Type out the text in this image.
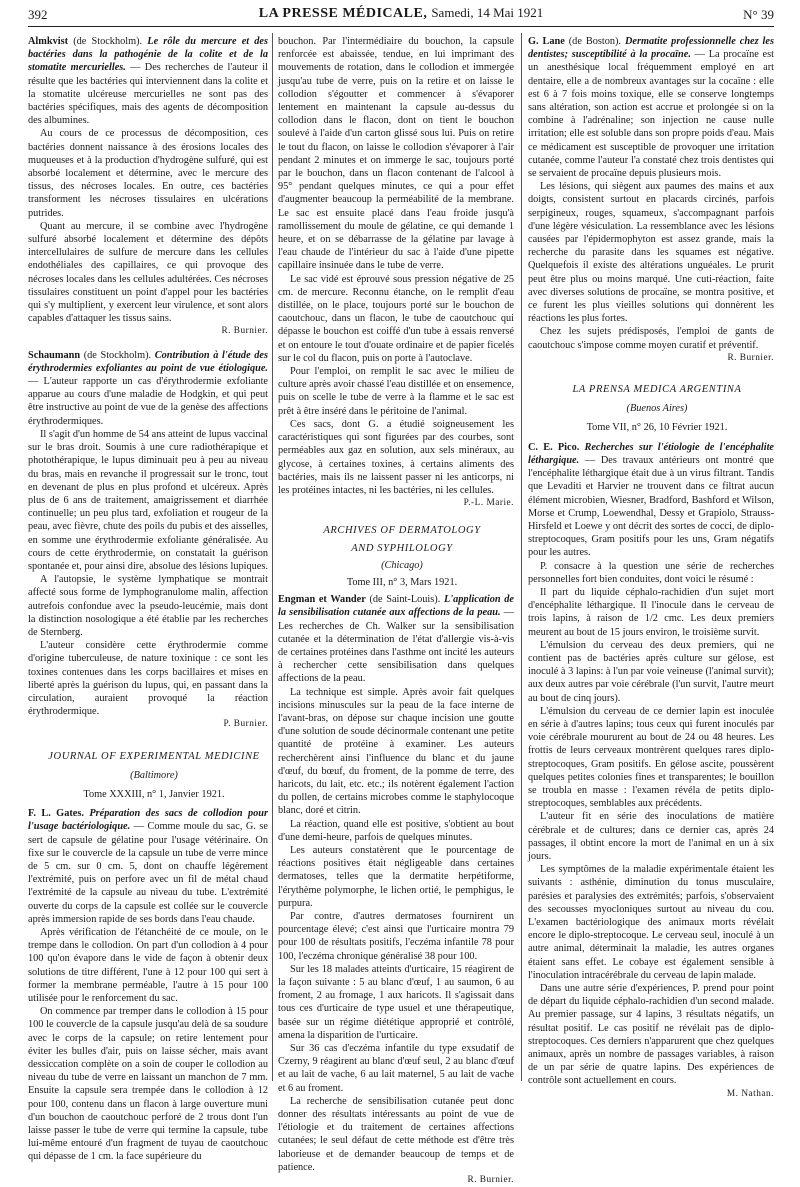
392	LA PRESSE MÉDICALE, Samedi, 14 Mai 1921	N° 39

Almkvist (de Stockholm). Le rôle du mercure et des bactéries dans la pathogénie de la colite et de la stomatite mercurielles. — Des recherches de l'auteur il résulte que les bactéries qui interviennent dans la colite et la stomatite ulcéreuse mercurielles ne sont pas des bactéries spécifiques, mais des agents de décomposition des albumines.

Au cours de ce processus de décomposition, ces bactéries donnent naissance à des érosions locales des muqueuses et à la production d'hydrogène sulfuré, qui est absorbé localement et détermine, avec le mercure des tissus, des nécroses locales. En outre, ces bactéries transforment les nécroses tissulaires en ulcérations putrides.

Quant au mercure, il se combine avec l'hydrogène sulfuré absorbé localement et détermine des dépôts intercellulaires de sulfure de mercure dans les cellules endothéliales des capillaires, ce qui provoque des nécroses locales dans les cellules adultérées. Ces nécroses tissulaires constituent un point d'appel pour les bactéries qui s'y multiplient, y exercent leur virulence, et sont alors capables d'attaquer les tissus sains.

R. Burnier.

Schaumann (de Stockholm). Contribution à l'étude des érythrodermies exfoliantes au point de vue étiologique. — L'auteur rapporte un cas d'érythrodermie exfoliante apparue au cours d'une maladie de Hodgkin, et qui peut être instructive au point de vue de la genèse des affections érythrodermiques.

Il s'agit d'un homme de 54 ans atteint de lupus vaccinal sur le bras droit. Soumis à une cure radiothérapique et photothérapique, le lupus diminuait peu à peu au niveau du bras, mais en revanche il progressait sur le tronc, tout en devenant de plus en plus profond et ulcéreux. Après plus de 6 ans de traitement, amaigrissement et diarrhée continuelle; un peu plus tard, exfoliation et rougeur de la peau, avec fièvre, chute des poils du pubis et des aisselles, en somme une érythrodermie exfoliante généralisée. Au cours de cette érythrodermie, on constatait la guérison spontanée et, pour ainsi dire, absolue des lésions lupiques.

A l'autopsie, le système lymphatique se montrait affecté sous forme de lymphogranulome malin, affection autrefois confondue avec la pseudo-leucémie, mais dont la distinction nosologique a été établie par les recherches de Sternberg.

L'auteur considère cette érythrodermie comme d'origine tuberculeuse, de nature toxinique : ce sont les toxines contenues dans les corps bacillaires et mises en liberté après la guérison du lupus, qui, en passant dans la circulation, auraient provoqué la réaction érythrodermique.

P. Burnier.

JOURNAL OF EXPERIMENTAL MEDICINE

(Baltimore)

Tome XXXIII, n° 1, Janvier 1921.

F. L. Gates. Préparation des sacs de collodion pour l'usage bactériologique. — Comme moule du sac, G. se sert de capsule de gélatine pour l'usage vétérinaire. On fixe sur le couvercle de la capsule un tube de verre mince de 5 cm. sur 0 cm. 5, dont on chauffe légèrement l'extrémité, puis on perfore avec un fil de métal chaud l'extrémité de la capsule au niveau du tube. L'extrémité ouverte du corps de la capsule est collée sur le couvercle après immersion rapide de ses bords dans l'eau chaude.

Après vérification de l'étanchéité de ce moule, on le trempe dans le collodion. On part d'un collodion à 4 pour 100 qu'on évapore dans le vide de façon à obtenir deux solutions de titre différent, l'une à 12 pour 100 qui sert à former la membrane perméable, l'autre à 15 pour 100 utilisée pour le renforcement du sac.

On commence par tremper dans le collodion à 15 pour 100 le couvercle de la capsule jusqu'au delà de sa soudure avec le corps de la capsule; on retire lentement pour éviter les bulles d'air, puis on laisse sécher, mais avant dessiccation complète on a soin de couper le collodion au niveau du tube de verre en laissant un manchon de 7 mm. Ensuite la capsule sera trempée dans le collodion à 12 pour 100, contenu dans un flacon à large ouverture muni d'un bouchon de caoutchouc perforé de 2 trous dont l'un laisse passer le tube de verre qui termine la capsule, tube lui-même entouré d'un fragment de tuyau de caoutchouc qui dépasse de 1 cm. la face supérieure du

bouchon. Par l'intermédiaire du bouchon, la capsule renforcée est abaissée, tendue, en lui imprimant des mouvements de rotation, dans le collodion et immergée jusqu'au tube de verre, puis on la retire et on laisse le collodion s'égoutter et commencer à s'évaporer lentement en maintenant la capsule au-dessus du collodion dans le flacon, dont on tient le bouchon soulevé à l'aide d'un carton glissé sous lui. Puis on retire le tout du flacon, on laisse le collodion s'évaporer à l'air pendant 2 minutes et on immerge le sac, toujours porté par le bouchon, dans un flacon contenant de l'alcool à 95° pendant quelques minutes, ce qui a pour effet d'augmenter beaucoup la perméabilité de la membrane. Le sac est ensuite placé dans l'eau froide jusqu'à ramollissement du moule de gélatine, ce qui demande 1 heure, et on se débarrasse de la gélatine par lavage à l'eau chaude de l'intérieur du sac à l'aide d'une pipette capillaire insinuée dans le tube de verre.

Le sac vidé est éprouvé sous pression négative de 25 cm. de mercure. Reconnu étanche, on le remplit d'eau distillée, on le place, toujours porté sur le bouchon de caoutchouc, dans un flacon, le tube de caoutchouc qui dépasse le bouchon est coiffé d'un tube à essais renversé et on entoure le tout d'ouate ordinaire et de papier ficelés sur le col du flacon, puis on porte à l'autoclave.

Pour l'emploi, on remplit le sac avec le milieu de culture après avoir chassé l'eau distillée et on ensemence, puis on scelle le tube de verre à la flamme et le sac est prêt à être inséré dans le péritoine de l'animal.

Ces sacs, dont G. a étudié soigneusement les caractéristiques qui sont figurées par des courbes, sont perméables aux gaz en solution, aux sels minéraux, au glycose, à certaines toxines, à certains aliments des bactéries, mais ils ne laissent passer ni les anticorps, ni les protéines intactes, ni les bactéries, ni les cellules.

P.-L. Marie.

ARCHIVES OF DERMATOLOGY

AND SYPHILOLOGY

(Chicago)

Tome III, n° 3, Mars 1921.

Engman et Wander (de Saint-Louis). L'application de la sensibilisation cutanée aux affections de la peau. — Les recherches de Ch. Walker sur la sensibilisation cutanée et la détermination de l'état d'allergie vis-à-vis de certaines protéines dans l'asthme ont incité les auteurs à rechercher cette sensibilisation dans quelques affections de la peau.

La technique est simple. Après avoir fait quelques incisions minuscules sur la peau de la face interne de l'avant-bras, on dépose sur chaque incision une goutte d'une solution de soude décinormale contenant une petite quantité de protéine à examiner. Les auteurs recherchèrent ainsi l'influence du blanc et du jaune d'œuf, du bœuf, du froment, de la pomme de terre, des haricots, du lait, etc. etc.; ils notèrent également l'action du pollen, de certains microbes comme le staphylocoque blanc, doré et citrin.

La réaction, quand elle est positive, s'obtient au bout d'une demi-heure, parfois de quelques minutes.

Les auteurs constatèrent que le pourcentage de réactions positives était négligeable dans certaines dermatoses, telles que la dermatite herpétiforme, l'érythème polymorphe, le lichen ortié, le pemphigus, le purpura.

Par contre, d'autres dermatoses fournirent un pourcentage élevé; c'est ainsi que l'urticaire montra 79 pour 100 de résultats positifs, l'eczéma infantile 78 pour 100, l'eczéma chronique généralisé 38 pour 100.

Sur les 18 malades atteints d'urticaire, 15 réagirent de la façon suivante : 5 au blanc d'œuf, 1 au saumon, 6 au froment, 2 au fromage, 1 aux haricots. Il s'agissait dans tous ces d'urticaire de type usuel et une thérapeutique, basée sur un régime diététique approprié et contrôlé, amena la disparition de l'urticaire.

Sur 36 cas d'eczéma infantile du type exsudatif de Czerny, 9 réagirent au blanc d'œuf seul, 2 au blanc d'œuf et au lait de vache, 6 au lait maternel, 5 au lait de vache et 6 au froment.

La recherche de sensibilisation cutanée peut donc donner des résultats intéressants au point de vue de l'étiologie et du traitement de certaines affections cutanées; le seul défaut de cette méthode est d'être très laborieuse et de demander beaucoup de temps et de patience.

R. Burnier.

G. Lane (de Boston). Dermatite professionnelle chez les dentistes; susceptibilité à la procaïne. — La procaïne est un anesthésique local fréquemment employé en art dentaire, elle a de nombreux avantages sur la cocaïne : elle est 6 à 7 fois moins toxique, elle se conserve longtemps sans altération, son action est accrue et prolongée si on la combine à l'adrénaline; son injection ne cause nulle irritation; elle est soluble dans son propre poids d'eau. Mais ce médicament est susceptible de provoquer une irritation cutanée, comme l'auteur l'a constaté chez trois dentistes qui se servaient de procaïne depuis plusieurs mois.

Les lésions, qui siègent aux paumes des mains et aux doigts, consistent surtout en placards circinés, parfois serpigineux, rouges, squameux, s'accompagnant parfois d'une légère vésiculation. La ressemblance avec les lésions causées par l'épidermophyton est assez grande, mais la recherche du parasite dans les squames est négative. Quelquefois il existe des altérations unguéales. Le prurit peut être plus ou moins marqué. Une cuti-réaction, faite avec diverses solutions de procaïne, se montra positive, et ce furent les plus vieilles solutions qui donnèrent les réactions les plus fortes.

Chez les sujets prédisposés, l'emploi de gants de caoutchouc s'impose comme moyen curatif et préventif.

R. Burnier.

LA PRENSA MEDICA ARGENTINA

(Buenos Aires)

Tome VII, n° 26, 10 Février 1921.

C. E. Pico. Recherches sur l'étiologie de l'encéphalite léthargique. — Des travaux antérieurs ont montré que l'encéphalite léthargique était due à un virus filtrant. Tandis que Levaditi et Harvier ne trouvent dans ce filtrat aucun élément microbien, Wiesner, Bradford, Bashford et Wilson, Morse et Crump, Loewendhal, Dessy et Grapiolo, Strauss-Hirsfeld et Loewe y ont décrit des sortes de cocci, de diplo-streptocoques, Gram positifs pour les uns, Gram négatifs pour les autres.

P. consacre à la question une série de recherches personnelles fort bien conduites, dont voici le résumé :

Il part du liquide céphalo-rachidien d'un sujet mort d'encéphalite léthargique. Il l'inocule dans le cerveau de trois lapins, à raison de 1/2 cmc. Les deux premiers meurent au bout de 15 jours environ, le troisième survit.

L'émulsion du cerveau des deux premiers, qui ne contient pas de bactéries après culture sur gélose, est inoculé à 3 lapins: à l'un par voie veineuse (l'animal survit); aux deux autres par voie cérébrale (l'un survit, l'autre meurt au bout de cinq jours).

L'émulsion du cerveau de ce dernier lapin est inoculée en série à d'autres lapins; tous ceux qui furent inoculés par voie cérébrale moururent au bout de 24 ou 48 heures. Les frottis de leurs cerveaux montrèrent quelques rares diplo-streptocoques, Gram positifs. En gélose ascite, poussèrent quelques petites colonies fines et transparentes; le bouillon se troubla en masse : l'examen révéla de petits diplo-streptocoques, semblables aux précédents.

L'auteur fit en série des inoculations de matière cérébrale et de cultures; dans ce dernier cas, après 24 passages, il obtint encore la mort de l'animal en un à six jours.

Les symptômes de la maladie expérimentale étaient les suivants : asthénie, diminution du tonus musculaire, parésies et paralysies des extrémités; parfois, s'observaient des secousses myocloniques surtout au niveau du cou. L'examen bactériologique des animaux morts révélait encore le diplo-streptocoque. Le cerveau seul, inoculé à un autre animal, déterminait la maladie, les autres organes étaient sans effet. Le cobaye est également sensible à l'inoculation intracérébrale du cerveau de lapin malade.

Dans une autre série d'expériences, P. prend pour point de départ du liquide céphalo-rachidien d'un second malade. Au premier passage, sur 4 lapins, 3 résultats négatifs, un résultat positif. Le cas positif ne révélait pas de diplo-streptocoques. Ces derniers n'apparurent que chez quelques animaux, après un nombre de passages variables, à raison de un par série de quatre lapins. Des expériences de contrôle sont actuellement en cours.

M. Nathan.
